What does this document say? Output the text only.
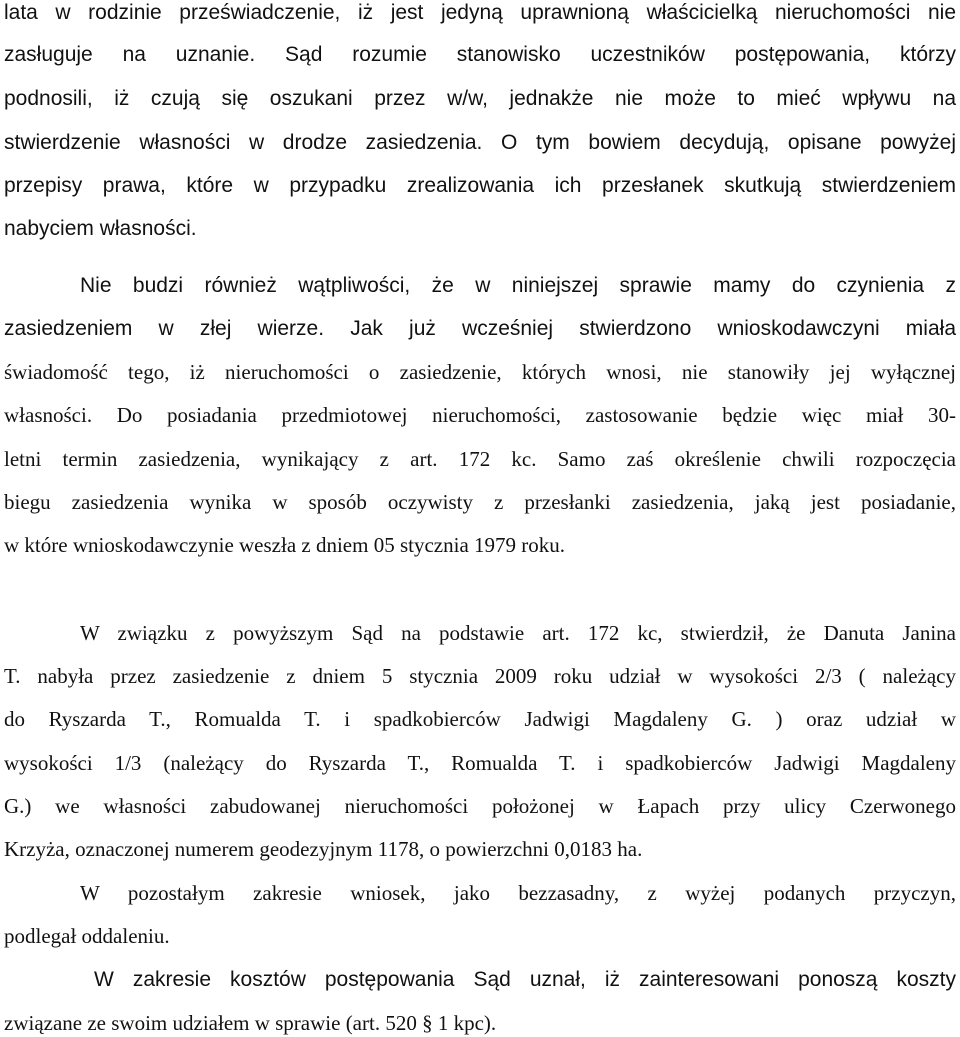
lata w rodzinie przeświadczenie, iż jest jedyną uprawnioną właścicielką nieruchomości nie
zasługuje na uznanie. Sąd rozumie stanowisko uczestników postępowania, którzy
podnosili, iż czują się oszukani przez w/w, jednakże nie może to mieć wpływu na
stwierdzenie własności w drodze zasiedzenia. O tym bowiem decydują, opisane powyżej
przepisy prawa, które w przypadku zrealizowania ich przesłanek skutkują stwierdzeniem
nabyciem własności.
Nie budzi również wątpliwości, że w niniejszej sprawie mamy do czynienia z
zasiedzeniem w złej wierze. Jak już wcześniej stwierdzono wnioskodawczyni miała
świadomość tego, iż nieruchomości o zasiedzenie, których wnosi, nie stanowiły jej wyłącznej
własności. Do posiadania przedmiotowej nieruchomości, zastosowanie będzie więc miał 30-
letni termin zasiedzenia, wynikający z art. 172 kc. Samo zaś określenie chwili rozpoczęcia
biegu zasiedzenia wynika w sposób oczywisty z przesłanki zasiedzenia, jaką jest posiadanie,
w które wnioskodawczynie weszła z dniem 05 stycznia 1979 roku.
W związku z powyższym Sąd na podstawie art. 172 kc, stwierdził, że Danuta Janina
T. nabyła przez zasiedzenie z dniem 5 stycznia 2009 roku udział w wysokości 2/3 ( należący
do Ryszarda T., Romualda T. i spadkobierców Jadwigi Magdaleny G. ) oraz udział w
wysokości 1/3 (należący do Ryszarda T., Romualda T. i spadkobierców Jadwigi Magdaleny
G.) we własności zabudowanej nieruchomości położonej w Łapach przy ulicy Czerwonego
Krzyża, oznaczonej numerem geodezyjnym 1178, o powierzchni 0,0183 ha.
W pozostałym zakresie wniosek, jako bezzasadny, z wyżej podanych przyczyn,
podlegał oddaleniu.
W zakresie kosztów postępowania Sąd uznał, iż zainteresowani ponoszą koszty
związane ze swoim udziałem w sprawie (art. 520 § 1 kpc).
